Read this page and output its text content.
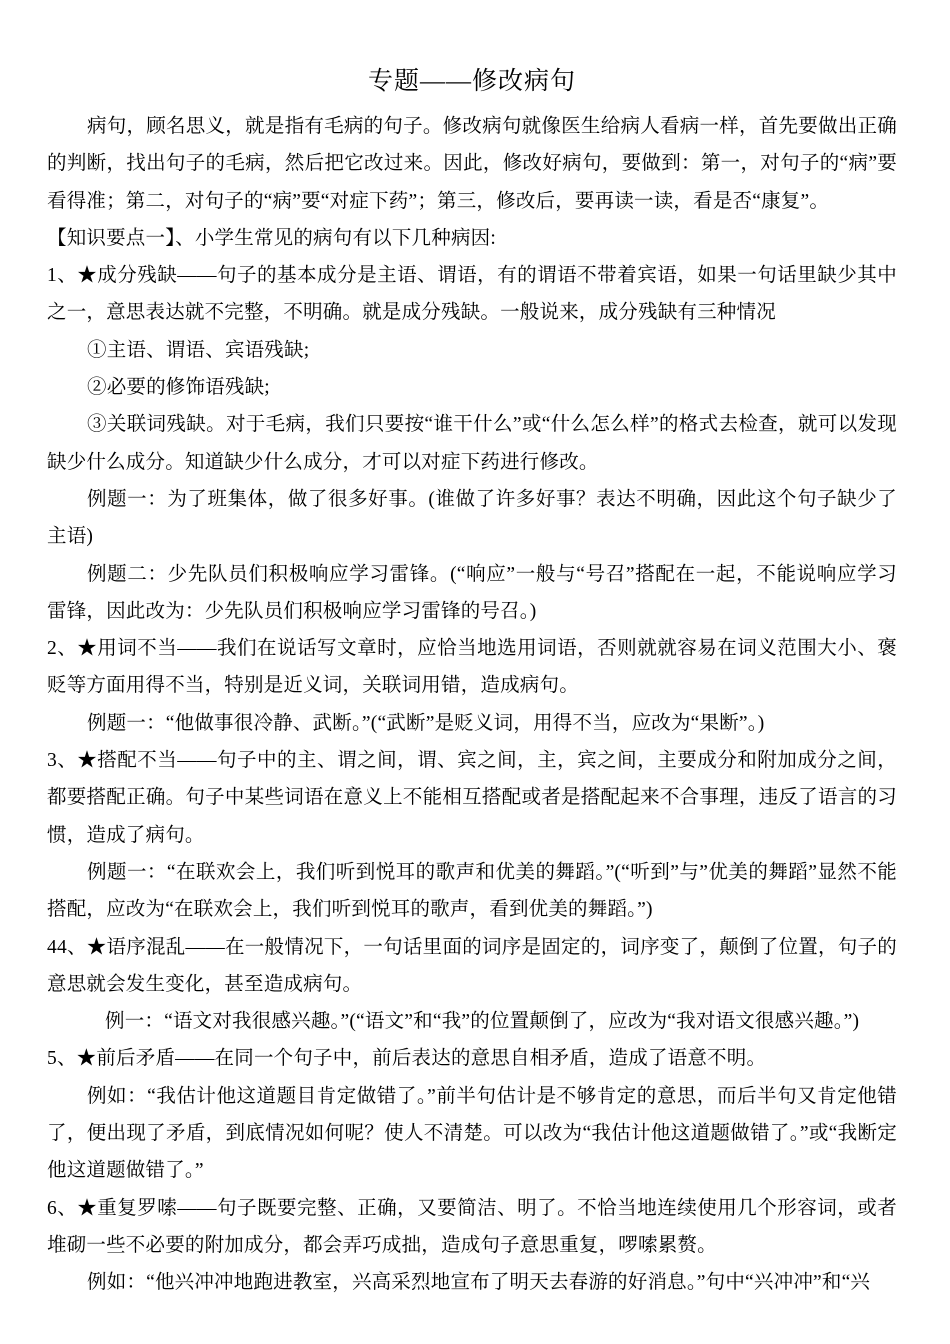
专题——修改病句

病句，顾名思义，就是指有毛病的句子。修改病句就像医生给病人看病一样，首先要做出正确的判断，找出句子的毛病，然后把它改过来。因此，修改好病句，要做到：第一，对句子的“病”要看得准；第二，对句子的“病”要“对症下药”；第三，修改后，要再读一读，看是否“康复”。

【知识要点一】、小学生常见的病句有以下几种病因:

1、★成分残缺——句子的基本成分是主语、谓语，有的谓语不带着宾语，如果一句话里缺少其中之一，意思表达就不完整，不明确。就是成分残缺。一般说来，成分残缺有三种情况

①主语、谓语、宾语残缺;

②必要的修饰语残缺;

③关联词残缺。对于毛病，我们只要按“谁干什么”或“什么怎么样”的格式去检查，就可以发现缺少什么成分。知道缺少什么成分，才可以对症下药进行修改。

例题一：为了班集体，做了很多好事。(谁做了许多好事？表达不明确，因此这个句子缺少了主语)

例题二：少先队员们积极响应学习雷锋。(“响应”一般与“号召”搭配在一起，不能说响应学习雷锋，因此改为：少先队员们积极响应学习雷锋的号召。)

2、★用词不当——我们在说话写文章时，应恰当地选用词语，否则就就容易在词义范围大小、褒贬等方面用得不当，特别是近义词，关联词用错，造成病句。

例题一：“他做事很冷静、武断。”(“武断”是贬义词，用得不当，应改为“果断”。)

3、★搭配不当——句子中的主、谓之间，谓、宾之间，主，宾之间，主要成分和附加成分之间，都要搭配正确。句子中某些词语在意义上不能相互搭配或者是搭配起来不合事理，违反了语言的习惯，造成了病句。

例题一：“在联欢会上，我们听到悦耳的歌声和优美的舞蹈。”(“听到”与”优美的舞蹈”显然不能搭配，应改为“在联欢会上，我们听到悦耳的歌声，看到优美的舞蹈。”)

44、★语序混乱——在一般情况下，一句话里面的词序是固定的，词序变了，颠倒了位置，句子的意思就会发生变化，甚至造成病句。

例一：“语文对我很感兴趣。”(“语文”和“我”的位置颠倒了，应改为“我对语文很感兴趣。”)

5、★前后矛盾——在同一个句子中，前后表达的意思自相矛盾，造成了语意不明。

例如：“我估计他这道题目肯定做错了。”前半句估计是不够肯定的意思，而后半句又肯定他错了，便出现了矛盾，到底情况如何呢？使人不清楚。可以改为“我估计他这道题做错了。”或“我断定他这道题做错了。”

6、★重复罗嗦——句子既要完整、正确，又要简洁、明了。不恰当地连续使用几个形容词，或者堆砌一些不必要的附加成分，都会弄巧成拙，造成句子意思重复，啰嗦累赘。

例如：“他兴冲冲地跑进教室，兴高采烈地宣布了明天去春游的好消息。”句中“兴冲冲”和“兴
